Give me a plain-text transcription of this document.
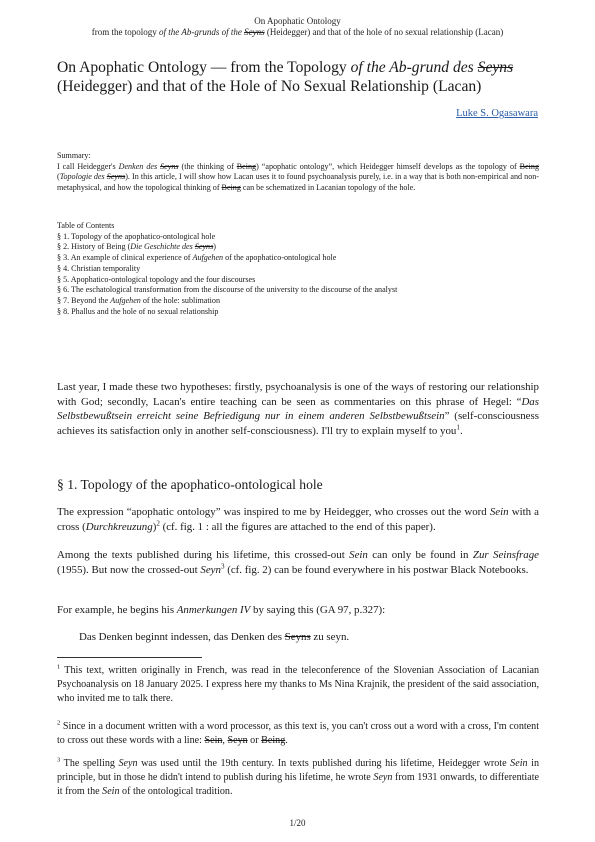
On Apophatic Ontology
from the topology of the Ab-grunds of the Seyns (Heidegger) and that of the hole of no sexual relationship (Lacan)
On Apophatic Ontology — from the Topology of the Ab-grund des Seyns
(Heidegger) and that of the Hole of No Sexual Relationship (Lacan)
Luke S. Ogasawara

Summary:

I call Heidegger's Denken des Seyns (the thinking of Being) “apophatic ontology”, which Heidegger himself develops as the topology of Being (Topologie des Seyns). In this article, I will show how Lacan uses it to found psychoanalysis purely, i.e. in a way that is both non-empirical and non-metaphysical, and how the topological thinking of Being can be schematized in Lacanian topology of the hole.

Table of Contents
§ 1. Topology of the apophatico-ontological hole
§ 2. History of Being (Die Geschichte des Seyns)
§ 3. An example of clinical experience of Aufgehen of the apophatico-ontological hole
§ 4. Christian temporality
§ 5. Apophatico-ontological topology and the four discourses
§ 6. The eschatological transformation from the discourse of the university to the discourse of the analyst
§ 7. Beyond the Aufgehen of the hole: sublimation
§ 8. Phallus and the hole of no sexual relationship

Last year, I made these two hypotheses: firstly, psychoanalysis is one of the ways of restoring our relationship with God; secondly, Lacan's entire teaching can be seen as commentaries on this phrase of Hegel: “Das Selbstbewußtsein erreicht seine Befriedigung nur in einem anderen Selbstbewußtsein” (self-consciousness achieves its satisfaction only in another self-consciousness). I'll try to explain myself to you$^1$.

§ 1. Topology of the apophatico-ontological hole

The expression “apophatic ontology” was inspired to me by Heidegger, who crosses out the word Sein with a cross (Durchkreuzung)$^2$ (cf. fig. 1 : all the figures are attached to the end of this paper).

Among the texts published during his lifetime, this crossed-out Sein can only be found in Zur Seinsfrage (1955). But now the crossed-out Seyn$^3$ (cf. fig. 2) can be found everywhere in his postwar Black Notebooks.

For example, he begins his Anmerkungen IV by saying this (GA 97, p.327):

Das Denken beginnt indessen, das Denken des Seyns zu seyn.

$^1$ This text, written originally in French, was read in the teleconference of the Slovenian Association of Lacanian Psychoanalysis on 18 January 2025. I express here my thanks to Ms Nina Krajnik, the president of the said association, who invited me to talk there.

$^2$ Since in a document written with a word processor, as this text is, you can't cross out a word with a cross, I'm content to cross out these words with a line: Sein, Seyn or Being.

$^3$ The spelling Seyn was used until the 19th century. In texts published during his lifetime, Heidegger wrote Sein in principle, but in those he didn't intend to publish during his lifetime, he wrote Seyn from 1931 onwards, to differentiate it from the Sein of the ontological tradition.

1/20
